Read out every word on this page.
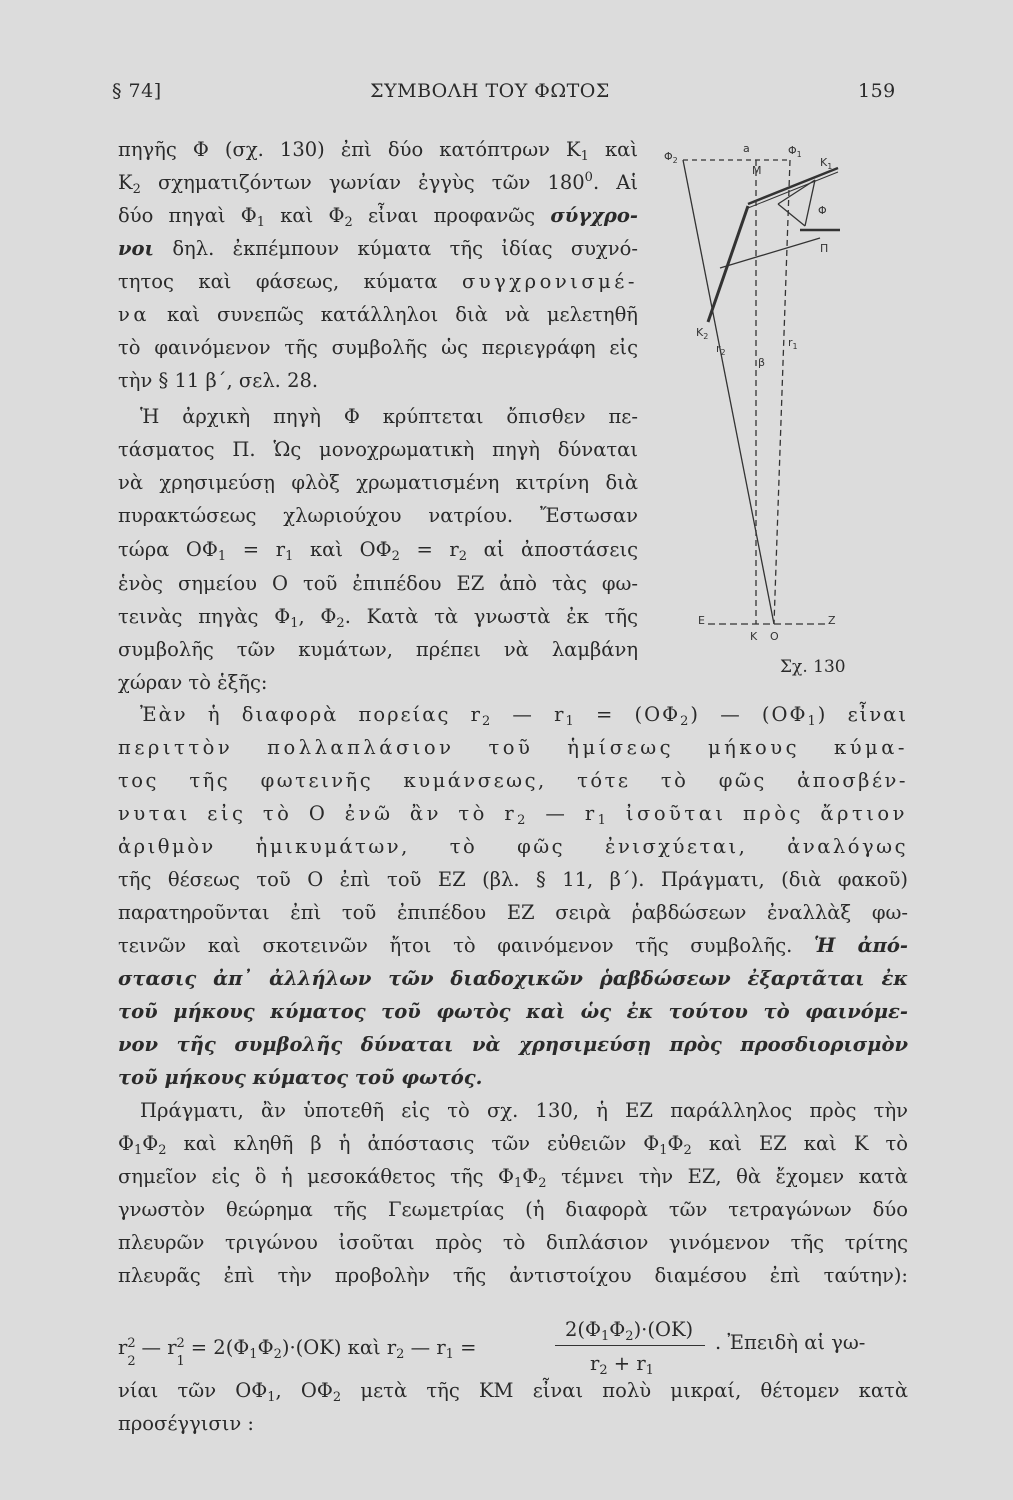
§ 74]	ΣΥΜΒΟΛΗ ΤΟΥ ΦΩΤΟΣ	159
πηγῆς Φ (σχ. 130) ἐπὶ δύο κατόπτρων $K_1$ καὶ
$K_2$ σχηματιζόντων γωνίαν ἐγγὺς τῶν $180^0$. Αἱ
δύο πηγαὶ $\Phi_1$ καὶ $\Phi_2$ εἶναι προφανῶς σύγχρο-
νοι δηλ. ἐκπέμπουν κύματα τῆς ἰδίας συχνό-
τητος καὶ φάσεως, κύματα συγχρονισμέ-
να καὶ συνεπῶς κατάλληλοι διὰ νὰ μελετηθῆ
τὸ φαινόμενον τῆς συμβολῆς ὡς περιεγράφη εἰς
τὴν § 11 β΄, σελ. 28.
Ἡ ἀρχικὴ πηγὴ Φ κρύπτεται ὄπισθεν πε-
τάσματος Π. Ὡς μονοχρωματικὴ πηγὴ δύναται
νὰ χρησιμεύσῃ φλὸξ χρωματισμένη κιτρίνη διὰ
πυρακτώσεως χλωριούχου νατρίου. Ἔστωσαν
τώρα $O\Phi_1 = r_1$ καὶ $O\Phi_2 = r_2$ αἱ ἀποστάσεις
ἑνὸς σημείου Ο τοῦ ἐπιπέδου ΕΖ ἀπὸ τὰς φω-
τεινὰς πηγὰς $\Phi_1$, $\Phi_2$. Κατὰ τὰ γνωστὰ ἐκ τῆς
συμβολῆς τῶν κυμάτων, πρέπει νὰ λαμβάνη
χώραν τὸ ἑξῆς:
Ἐὰν ἡ διαφορὰ πορείας $r_2$ — $r_1 = (O\Phi_2)$ — $(O\Phi_1)$ εἶναι
περιττὸν πολλαπλάσιον τοῦ ἡμίσεως μήκους κύμα-
τος τῆς φωτεινῆς κυμάνσεως, τότε τὸ φῶς ἀποσβέν-
νυται εἰς τὸ Ο ἐνῶ ἂν τὸ $r_2$ — $r_1$ ἰσοῦται πρὸς ἄρτιον
ἀριθμὸν ἡμικυμάτων, τὸ φῶς ἐνισχύεται, ἀναλόγως
τῆς θέσεως τοῦ Ο ἐπὶ τοῦ ΕΖ (βλ. § 11, β΄). Πράγματι, (διὰ φακοῦ)
παρατηροῦνται ἐπὶ τοῦ ἐπιπέδου ΕΖ σειρὰ ῥαβδώσεων ἐναλλὰξ φω-
τεινῶν καὶ σκοτεινῶν ἤτοι τὸ φαινόμενον τῆς συμβολῆς. Ἡ ἀπό-
στασις ἀπ᾿ ἀλλήλων τῶν διαδοχικῶν ῥαβδώσεων ἐξαρτᾶται ἐκ
τοῦ μήκους κύματος τοῦ φωτὸς καὶ ὡς ἐκ τούτου τὸ φαινόμε-
νον τῆς συμβολῆς δύναται νὰ χρησιμεύσῃ πρὸς προσδιορισμὸν
τοῦ μήκους κύματος τοῦ φωτός.
Πράγματι, ἂν ὑποτεθῆ εἰς τὸ σχ. 130, ἡ ΕΖ παράλληλος πρὸς τὴν
$\Phi_1\Phi_2$ καὶ κληθῆ β ἡ ἀπόστασις τῶν εὐθειῶν $\Phi_1\Phi_2$ καὶ ΕΖ καὶ Κ τὸ
σημεῖον εἰς ὃ ἡ μεσοκάθετος τῆς $\Phi_1\Phi_2$ τέμνει τὴν ΕΖ, θὰ ἔχομεν κατὰ
γνωστὸν θεώρημα τῆς Γεωμετρίας (ἡ διαφορὰ τῶν τετραγώνων δύο
πλευρῶν τριγώνου ἰσοῦται πρὸς τὸ διπλάσιον γινόμενον τῆς τρίτης
πλευρᾶς ἐπὶ τὴν προβολὴν τῆς ἀντιστοίχου διαμέσου ἐπὶ ταύτην):
r 2
2
— r 2
1
= $2(\Phi_1\Phi_2)\cdot(OK)$ καὶ $r_2$ — $r_1$ =
$2(\Phi_1\Phi_2)\cdot(OK)$
$r_2 + r_1$
. Ἐπειδὴ αἱ γω-
νίαι τῶν $O\Phi_1$, $O\Phi_2$ μετὰ τῆς ΚΜ εἶναι πολὺ μικραί, θέτομεν κατὰ
προσέγγισιν :
$\Phi_2$
a	$\Phi_1$
M
$K_1$
Φ
Π
$K_2$
$r_2$
$r_1$
β
E
K O
Z
Σχ. 130
